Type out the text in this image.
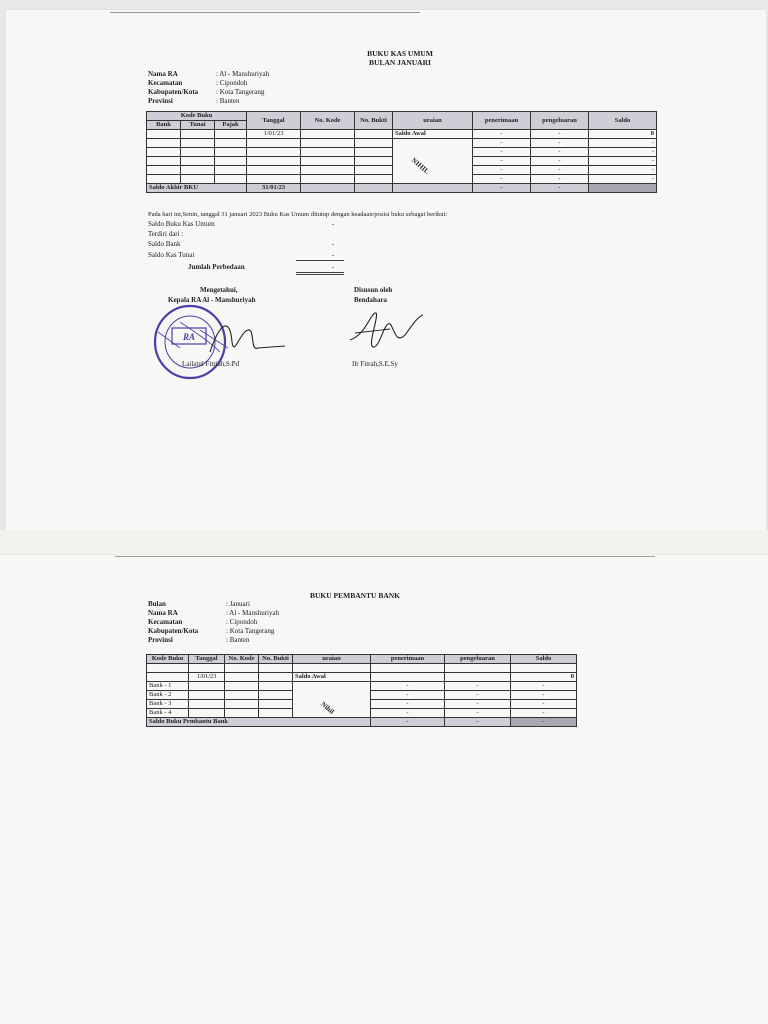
BUKU KAS UMUM
BULAN JANUARI
Nama RA	: Al - Manshuriyah
Kecamatan	: Cipondoh
Kabupaten/Kota	: Kota Tangerang
Provinsi	: Banten
Kode Buku			Tanggal	No. Kode	No. Bukti	uraian	penerimaan	pengeluaran	Saldo
Bank	Tunai	Pajak							
			1/01/23			Saldo Awal	-	-	0
							-	-	-
							-	-	-
							-	-	-
							-	-	-
							-	-	-
Saldo Akhir BKU			31/01/23				-	-	
NIHIL
Pada hari ini,Senin, tanggal 31 januari 2023 Buku Kas Umum ditutup dengan keadaan/posisi buku sebagai berikut:
Saldo Buku Kas Umum	-
Terdiri dari :
Saldo Bank	-
Saldo Kas Tunai	-
Jumlah Perbedaan	-
Mengetahui,
Kepala RA Al - Manshuriyah
Disusun oleh
Bendahara
RA
Lailatul Fitriah,S.Pd	Ilr Fitrah,S.E.Sy
BUKU PEMBANTU BANK
Bulan	: Januari
Nama RA	: Al - Manshuriyah
Kecamatan	: Cipondoh
Kabupaten/Kota	: Kota Tangerang
Provinsi	: Banten
Kode Buku	Tanggal	No. Kode	No. Bukti	uraian	penerimaan	pengeluaran	Saldo

	1/01/23			Saldo Awal			0
Bank - 1					-	-	-
Bank - 2					-	-	-
Bank - 3					-	-	-
Bank - 4					-	-	-
Saldo Buku Pembantu Bank					-	-	-
Nihil
